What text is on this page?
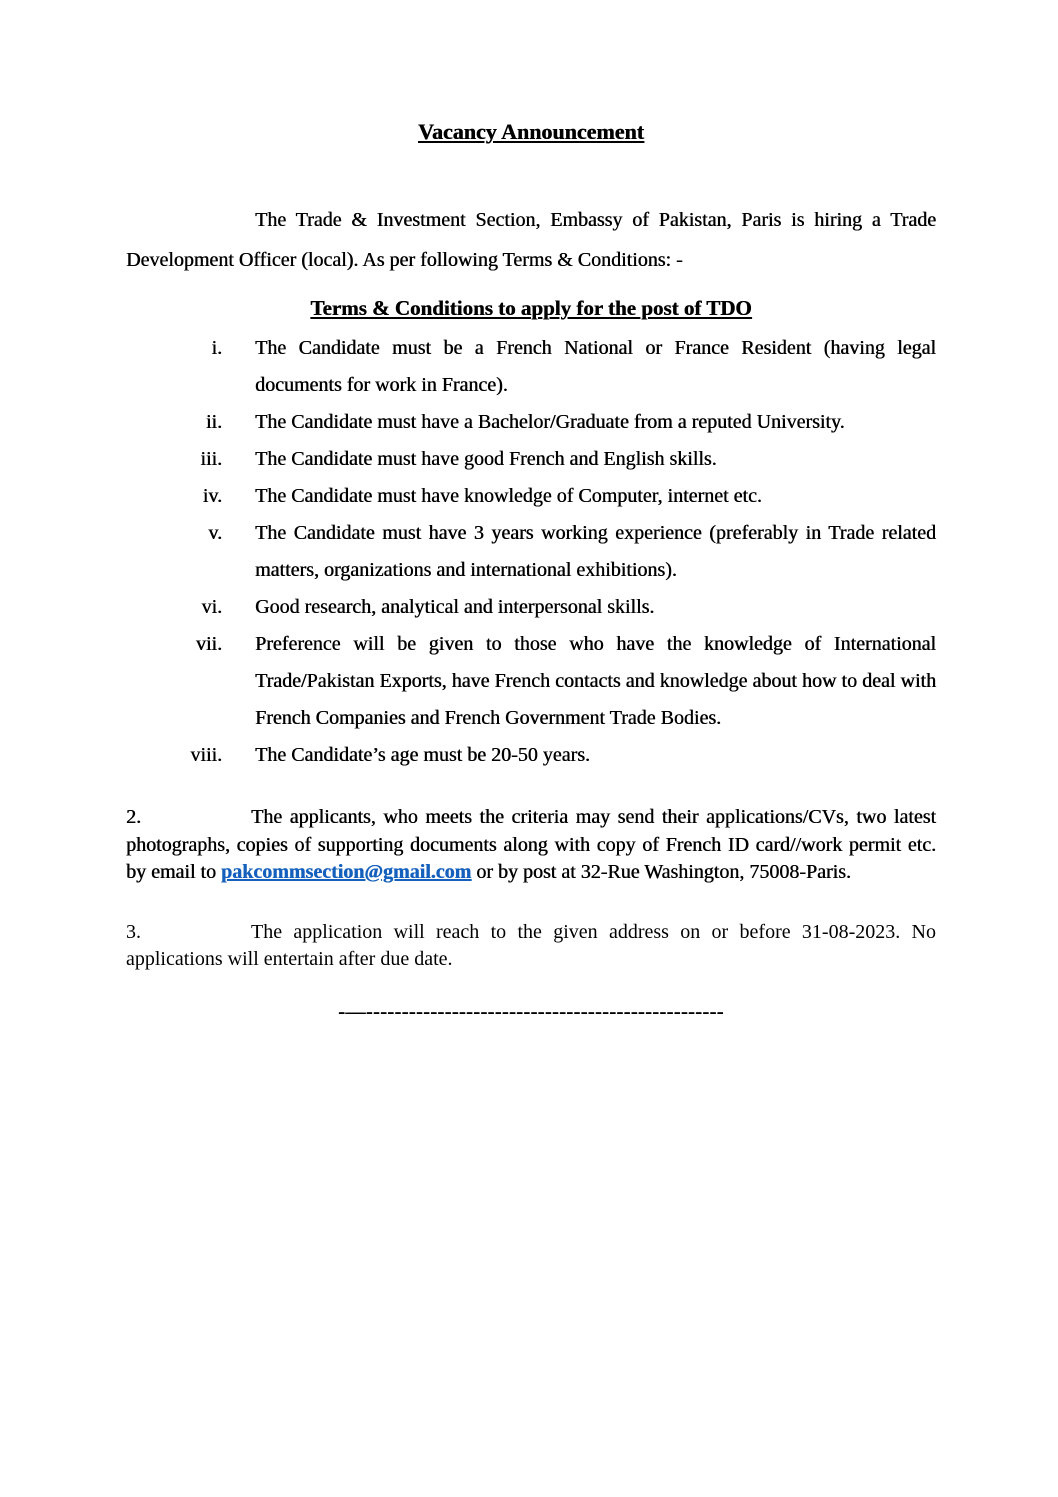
Vacancy Announcement

The Trade & Investment Section, Embassy of Pakistan, Paris is hiring a Trade Development Officer (local). As per following Terms & Conditions: -

Terms & Conditions to apply for the post of TDO
i. The Candidate must be a French National or France Resident (having legal documents for work in France).
ii. The Candidate must have a Bachelor/Graduate from a reputed University.
iii. The Candidate must have good French and English skills.
iv. The Candidate must have knowledge of Computer, internet etc.
v. The Candidate must have 3 years working experience (preferably in Trade related matters, organizations and international exhibitions).
vi. Good research, analytical and interpersonal skills.
vii. Preference will be given to those who have the knowledge of International Trade/Pakistan Exports, have French contacts and knowledge about how to deal with French Companies and French Government Trade Bodies.
viii. The Candidate’s age must be 20-50 years.

2.	The applicants, who meets the criteria may send their applications/CVs, two latest photographs, copies of supporting documents along with copy of French ID card//work permit etc. by email to pakcommsection@gmail.com or by post at 32-Rue Washington, 75008-Paris.

3.	The application will reach to the given address on or before 31-08-2023. No applications will entertain after due date.

-—--------------------------------------------------
